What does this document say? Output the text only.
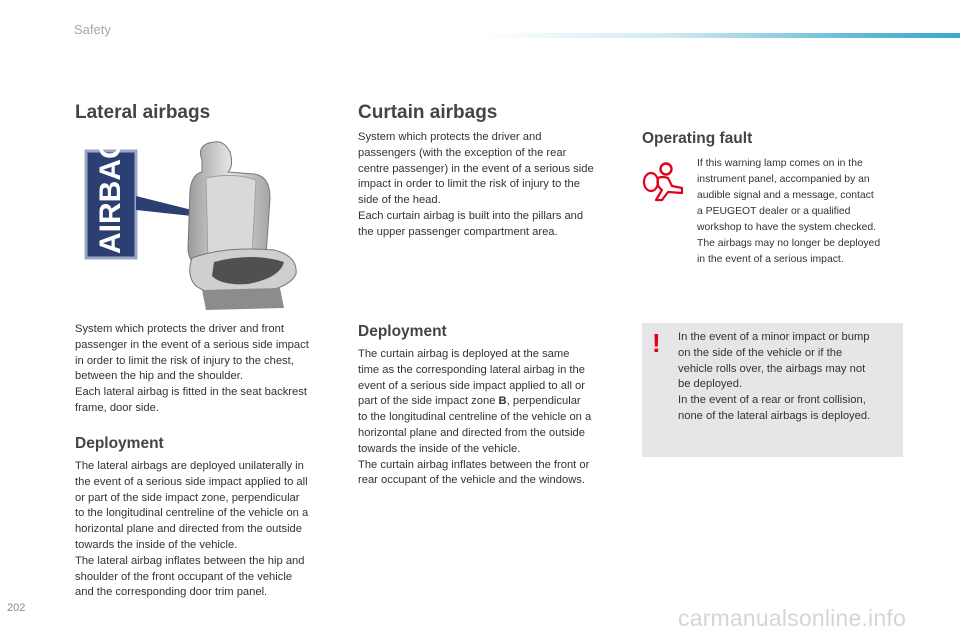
Safety
Lateral airbags
AIRBAG
System which protects the driver and front
passenger in the event of a serious side impact
in order to limit the risk of injury to the chest,
between the hip and the shoulder.
Each lateral airbag is fitted in the seat backrest
frame, door side.
Deployment
The lateral airbags are deployed unilaterally in
the event of a serious side impact applied to all
or part of the side impact zone, perpendicular
to the longitudinal centreline of the vehicle on a
horizontal plane and directed from the outside
towards the inside of the vehicle.
The lateral airbag inflates between the hip and
shoulder of the front occupant of the vehicle
and the corresponding door trim panel.
Curtain airbags
System which protects the driver and
passengers (with the exception of the rear
centre passenger) in the event of a serious side
impact in order to limit the risk of injury to the
side of the head.
Each curtain airbag is built into the pillars and
the upper passenger compartment area.
Deployment
The curtain airbag is deployed at the same
time as the corresponding lateral airbag in the
event of a serious side impact applied to all or
part of the side impact zone B, perpendicular
to the longitudinal centreline of the vehicle on a
horizontal plane and directed from the outside
towards the inside of the vehicle.
The curtain airbag inflates between the front or
rear occupant of the vehicle and the windows.
Operating fault
If this warning lamp comes on in the
instrument panel, accompanied by an
audible signal and a message, contact
a PEUGEOT dealer or a qualified
workshop to have the system checked.
The airbags may no longer be deployed
in the event of a serious impact.
! In the event of a minor impact or bump
on the side of the vehicle or if the
vehicle rolls over, the airbags may not
be deployed.
In the event of a rear or front collision,
none of the lateral airbags is deployed.
202	carmanualsonline.info
